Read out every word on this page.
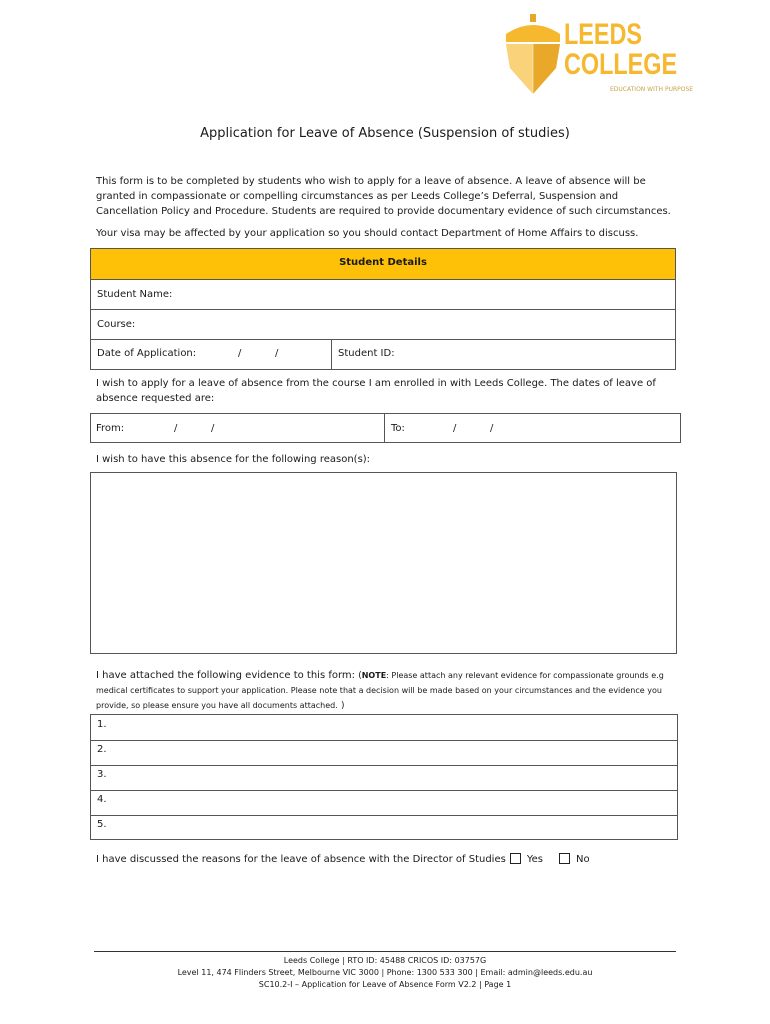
LEEDS
COLLEGE
EDUCATION WITH PURPOSE
Application for Leave of Absence (Suspension of studies)
This form is to be completed by students who wish to apply for a leave of absence. A leave of absence will be granted in compassionate or compelling circumstances as per Leeds College’s Deferral, Suspension and Cancellation Policy and Procedure. Students are required to provide documentary evidence of such circumstances.
Your visa may be affected by your application so you should contact Department of Home Affairs to discuss.
Student Details
Student Name:
Course:
Date of Application:	/	/	Student ID:
I wish to apply for a leave of absence from the course I am enrolled in with Leeds College. The dates of leave of absence requested are:
From:	/	/	To:	/	/
I wish to have this absence for the following reason(s):
I have attached the following evidence to this form: (NOTE: Please attach any relevant evidence for compassionate grounds e.g medical certificates to support your application. Please note that a decision will be made based on your circumstances and the evidence you provide, so please ensure you have all documents attached. )
1.
2.
3.
4.
5.
I have discussed the reasons for the leave of absence with the Director of Studies Yes	No
Leeds College | RTO ID: 45488 CRICOS ID: 03757G
Level 11, 474 Flinders Street, Melbourne VIC 3000 | Phone: 1300 533 300 | Email: admin@leeds.edu.au
SC10.2-I – Application for Leave of Absence Form V2.2 | Page 1
